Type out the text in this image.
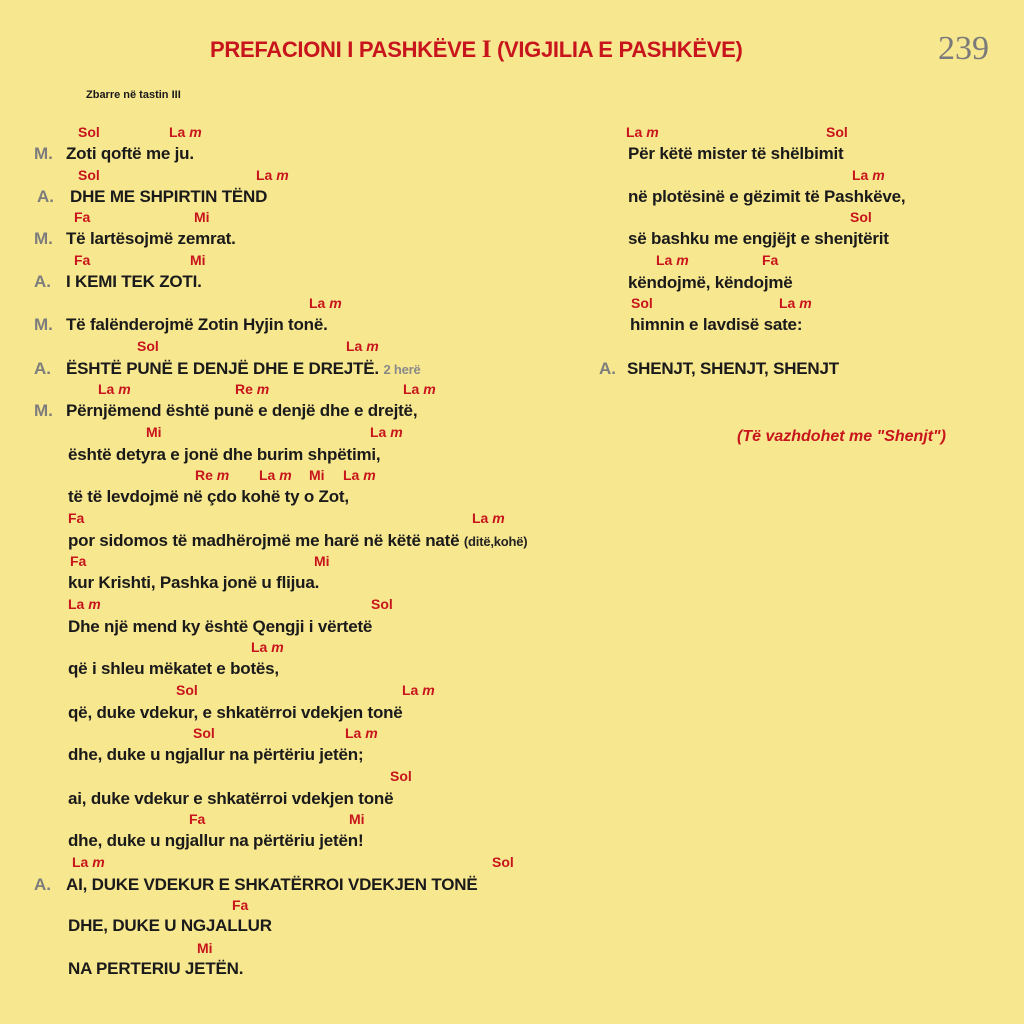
PREFACIONI I PASHKËVE I (VIGJILIA E PASHKËVE)	239
Zbarre në tastin III
Sol	La m
M. Zoti qoftë me ju.
Sol	La m
A. DHE ME SHPIRTIN TËND
Fa	Mi
M. Të lartësojmë zemrat.
Fa	Mi
A. I KEMI TEK ZOTI.
La m
M. Të falënderojmë Zotin Hyjin tonë.
Sol	La m
A. ËSHTË PUNË E DENJË DHE E DREJTË. 2 herë
La m	Re m	La m
M. Përnjëmend është punë e denjë dhe e drejtë,
Mi	La m
është detyra e jonë dhe burim shpëtimi,
Re m La m Mi La m
të të levdojmë në çdo kohë ty o Zot,
Fa	La m
por sidomos të madhërojmë me harë në këtë natë (ditë,kohë)
Fa	Mi
kur Krishti, Pashka jonë u flijua.
La m	Sol
Dhe një mend ky është Qengji i vërtetë
La m
që i shleu mëkatet e botës,
Sol	La m
që, duke vdekur, e shkatërroi vdekjen tonë
Sol	La m
dhe, duke u ngjallur na përtëriu jetën;
Sol
ai, duke vdekur e shkatërroi vdekjen tonë
Fa	Mi
dhe, duke u ngjallur na përtëriu jetën!
La m	Sol
A. AI, DUKE VDEKUR E SHKATËRROI VDEKJEN TONË
Fa
DHE, DUKE U NGJALLUR
Mi
NA PERTERIU JETËN.
La m	Sol
Për këtë mister të shëlbimit
La m
në plotësinë e gëzimit të Pashkëve,
Sol
së bashku me engjëjt e shenjtërit
La m	Fa
këndojmë, këndojmë
Sol	La m
himnin e lavdisë sate:
A. SHENJT, SHENJT, SHENJT
(Të vazhdohet me "Shenjt")
